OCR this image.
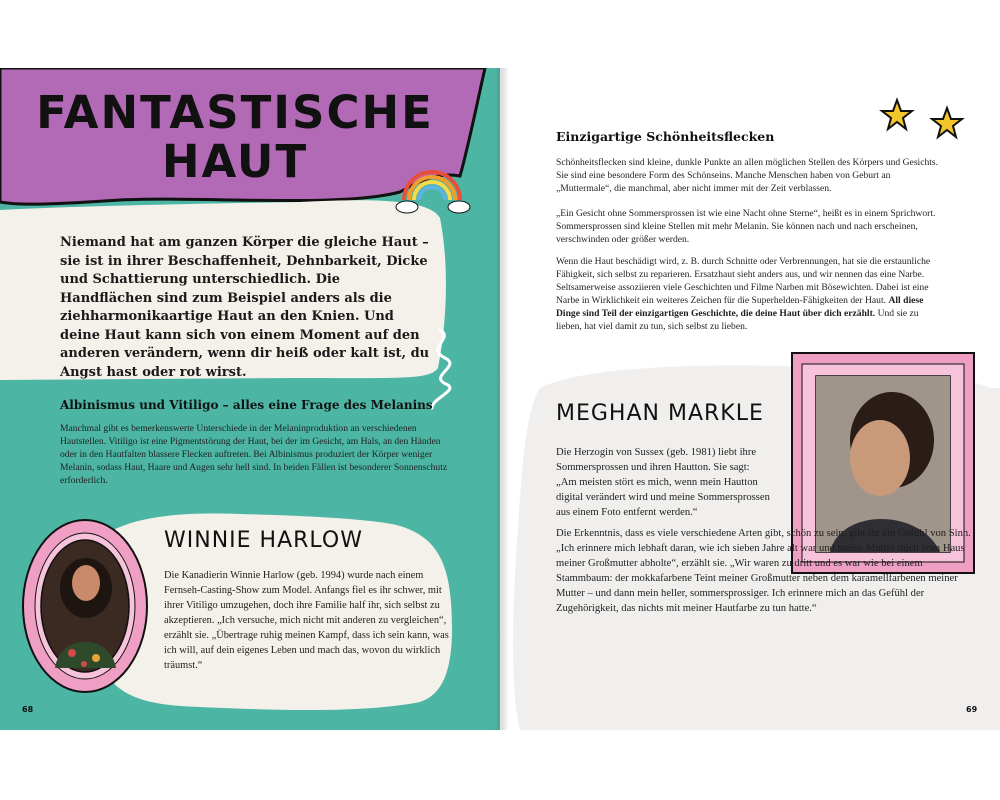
FANTASTISCHE
HAUT

Niemand hat am ganzen Körper die gleiche Haut – sie ist in ihrer Beschaffenheit, Dehnbarkeit, Dicke und Schattierung unterschiedlich. Die Handflächen sind zum Beispiel anders als die ziehharmonikaartige Haut an den Knien. Und deine Haut kann sich von einem Moment auf den anderen verändern, wenn dir heiß oder kalt ist, du Angst hast oder rot wirst.

Albinismus und Vitiligo – alles eine Frage des Melanins

Manchmal gibt es bemerkenswerte Unterschiede in der Melaninproduktion an verschiedenen Hautstellen. Vitiligo ist eine Pigmentstörung der Haut, bei der im Gesicht, am Hals, an den Händen oder in den Hautfalten blassere Flecken auftreten. Bei Albinismus produziert der Körper weniger Melanin, sodass Haut, Haare und Augen sehr hell sind. In beiden Fällen ist besonderer Sonnenschutz erforderlich.

WINNIE HARLOW

Die Kanadierin Winnie Harlow (geb. 1994) wurde nach einem Fernseh-Casting-Show zum Model. Anfangs fiel es ihr schwer, mit ihrer Vitiligo umzugehen, doch ihre Familie half ihr, sich selbst zu akzeptieren. „Ich versuche, mich nicht mit anderen zu vergleichen“, erzählt sie. „Übertrage ruhig meinen Kampf, dass ich sein kann, was ich will, auf dein eigenes Leben und mach das, wovon du wirklich träumst.“

68
Einzigartige Schönheitsflecken

Schönheitsflecken sind kleine, dunkle Punkte an allen möglichen Stellen des Körpers und Gesichts. Sie sind eine besondere Form des Schönseins. Manche Menschen haben von Geburt an „Muttermale“, die manchmal, aber nicht immer mit der Zeit verblassen.

„Ein Gesicht ohne Sommersprossen ist wie eine Nacht ohne Sterne“, heißt es in einem Sprichwort. Sommersprossen sind kleine Stellen mit mehr Melanin. Sie können nach und nach erscheinen, verschwinden oder größer werden.

Wenn die Haut beschädigt wird, z. B. durch Schnitte oder Verbrennungen, hat sie die erstaunliche Fähigkeit, sich selbst zu reparieren. Ersatzhaut sieht anders aus, und wir nennen das eine Narbe. Seltsamerweise assoziieren viele Geschichten und Filme Narben mit Bösewichten. Dabei ist eine Narbe in Wirklichkeit ein weiteres Zeichen für die Superhelden-Fähigkeiten der Haut. All diese Dinge sind Teil der einzigartigen Geschichte, die deine Haut über dich erzählt. Und sie zu lieben, hat viel damit zu tun, sich selbst zu lieben.

MEGHAN MARKLE

Die Herzogin von Sussex (geb. 1981) liebt ihre Sommersprossen und ihren Hautton. Sie sagt: „Am meisten stört es mich, wenn mein Hautton digital verändert wird und meine Sommersprossen aus einem Foto entfernt werden.“

Die Erkenntnis, dass es viele verschiedene Arten gibt, schön zu sein, gibt ihr ein Gefühl von Sinn. „Ich erinnere mich lebhaft daran, wie ich sieben Jahre alt war und meine Mutter mich vom Haus meiner Großmutter abholte“, erzählt sie. „Wir waren zu dritt und es war wie bei einem Stammbaum: der mokkafarbene Teint meiner Großmutter neben dem karamellfarbenen meiner Mutter – und dann mein heller, sommersprossiger. Ich erinnere mich an das Gefühl der Zugehörigkeit, das nichts mit meiner Hautfarbe zu tun hatte.“

69
